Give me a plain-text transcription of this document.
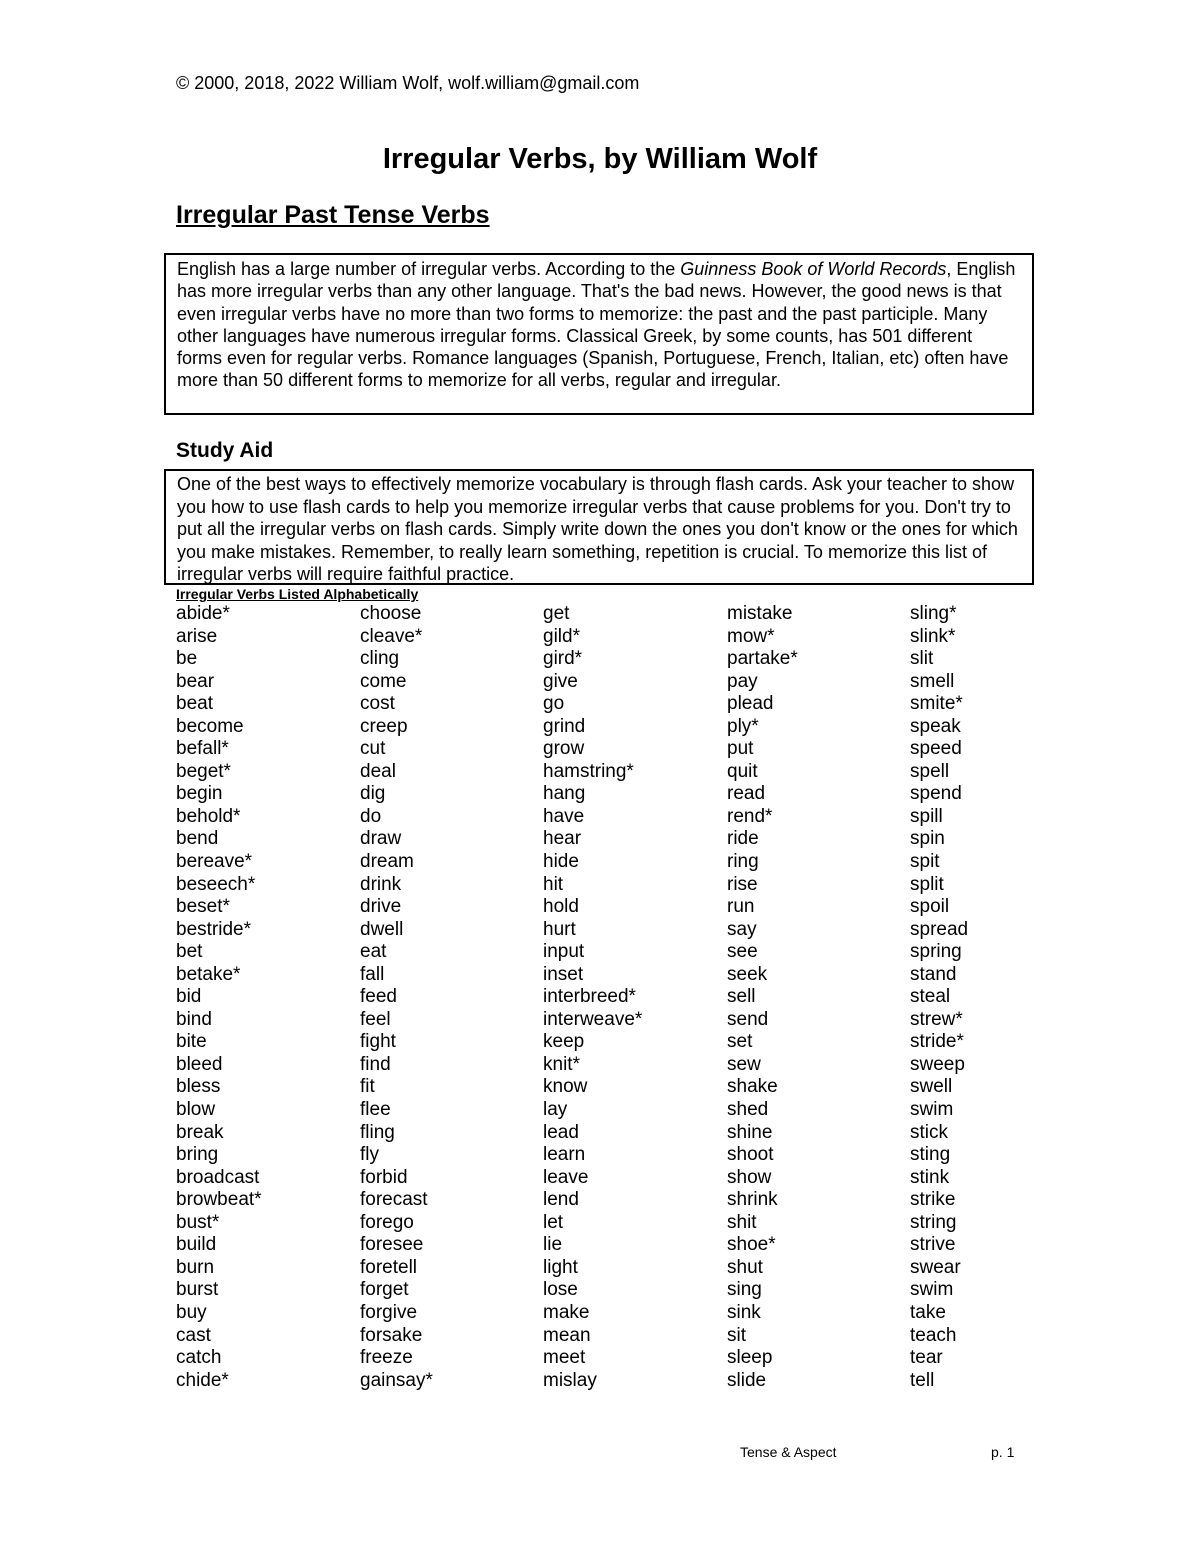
© 2000, 2018, 2022 William Wolf, wolf.william@gmail.com
Irregular Verbs, by William Wolf
Irregular Past Tense Verbs

English has a large number of irregular verbs. According to the Guinness Book of World Records, English has more irregular verbs than any other language. That's the bad news. However, the good news is that even irregular verbs have no more than two forms to memorize: the past and the past participle. Many other languages have numerous irregular forms. Classical Greek, by some counts, has 501 different forms even for regular verbs. Romance languages (Spanish, Portuguese, French, Italian, etc) often have more than 50 different forms to memorize for all verbs, regular and irregular.

Study Aid

One of the best ways to effectively memorize vocabulary is through flash cards. Ask your teacher to show you how to use flash cards to help you memorize irregular verbs that cause problems for you. Don't try to put all the irregular verbs on flash cards. Simply write down the ones you don't know or the ones for which you make mistakes. Remember, to really learn something, repetition is crucial. To memorize this list of irregular verbs will require faithful practice.

Irregular Verbs Listed Alphabetically
abide*
arise
be
bear
beat
become
befall*
beget*
begin
behold*
bend
bereave*
beseech*
beset*
bestride*
bet
betake*
bid
bind
bite
bleed
bless
blow
break
bring
broadcast
browbeat*
bust*
build
burn
burst
buy
cast
catch
chide*
choose
cleave*
cling
come
cost
creep
cut
deal
dig
do
draw
dream
drink
drive
dwell
eat
fall
feed
feel
fight
find
fit
flee
fling
fly
forbid
forecast
forego
foresee
foretell
forget
forgive
forsake
freeze
gainsay*
get
gild*
gird*
give
go
grind
grow
hamstring*
hang
have
hear
hide
hit
hold
hurt
input
inset
interbreed*
interweave*
keep
knit*
know
lay
lead
learn
leave
lend
let
lie
light
lose
make
mean
meet
mislay
mistake
mow*
partake*
pay
plead
ply*
put
quit
read
rend*
ride
ring
rise
run
say
see
seek
sell
send
set
sew
shake
shed
shine
shoot
show
shrink
shit
shoe*
shut
sing
sink
sit
sleep
slide
sling*
slink*
slit
smell
smite*
speak
speed
spell
spend
spill
spin
spit
split
spoil
spread
spring
stand
steal
strew*
stride*
sweep
swell
swim
stick
sting
stink
strike
string
strive
swear
swim
take
teach
tear
tell
Tense & Aspect	p. 1
